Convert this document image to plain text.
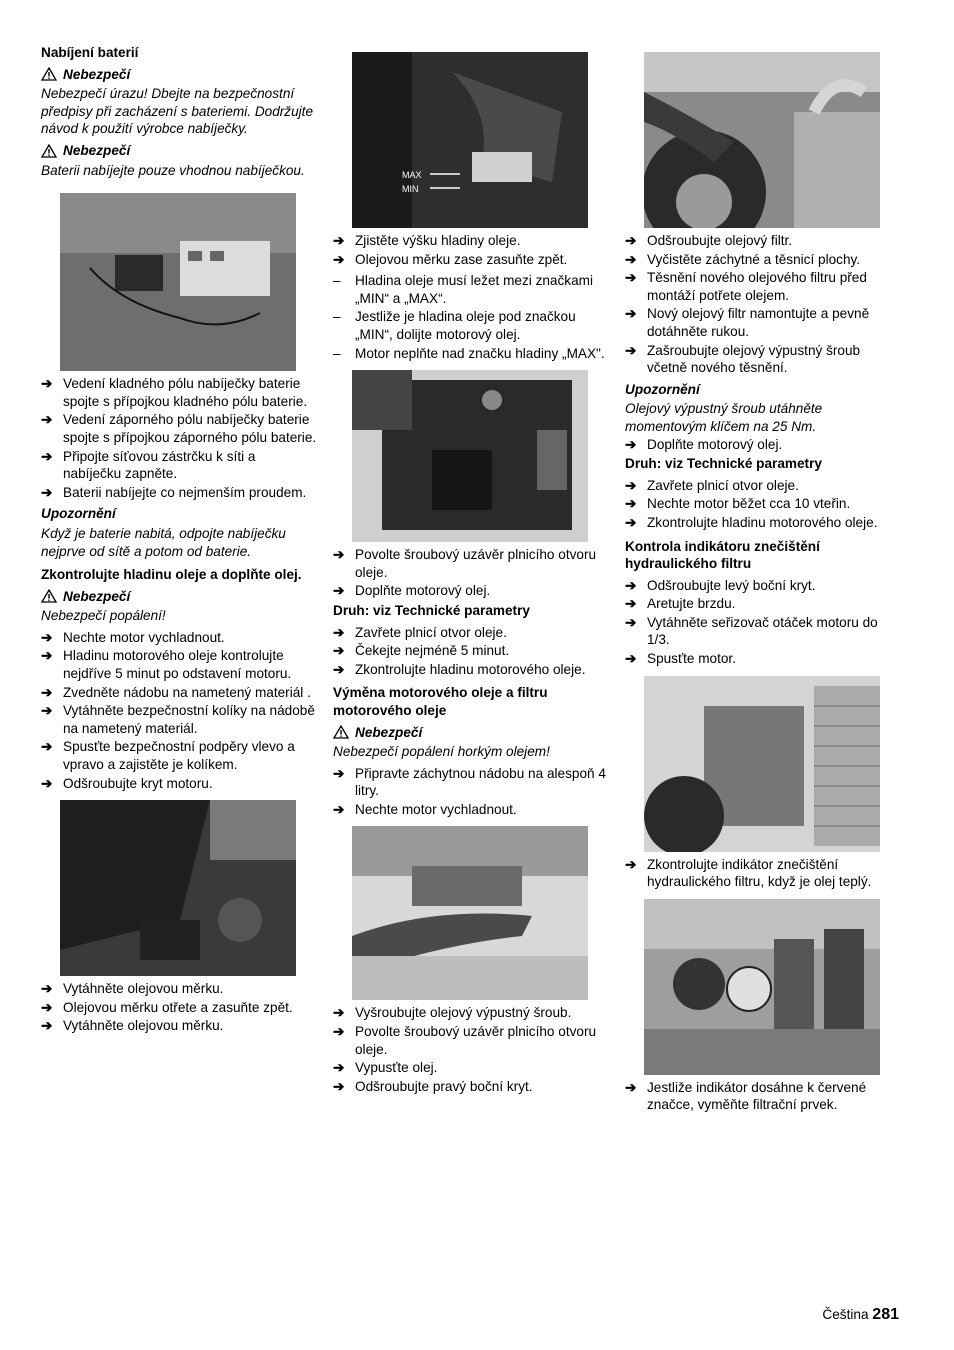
Nabíjení baterií
Nebezpečí
Nebezpečí úrazu! Dbejte na bezpečnostní předpisy při zacházení s bateriemi. Dodržujte návod k použití výrobce nabíječky.
Nebezpečí
Baterii nabíjejte pouze vhodnou nabíječkou.
➔ Vedení kladného pólu nabíječky baterie spojte s přípojkou kladného pólu baterie.
➔ Vedení záporného pólu nabíječky baterie spojte s přípojkou záporného pólu baterie.
➔ Připojte síťovou zástrčku k síti a nabíječku zapněte.
➔ Baterii nabíjejte co nejmenším proudem.
Upozornění
Když je baterie nabitá, odpojte nabíječku nejprve od sítě a potom od baterie.
Zkontrolujte hladinu oleje a doplňte olej.
Nebezpečí
Nebezpečí popálení!
➔ Nechte motor vychladnout.
➔ Hladinu motorového oleje kontrolujte nejdříve 5 minut po odstavení motoru.
➔ Zvedněte nádobu na nametený materiál .
➔ Vytáhněte bezpečnostní kolíky na nádobě na nametený materiál.
➔ Spusťte bezpečnostní podpěry vlevo a vpravo a zajistěte je kolíkem.
➔ Odšroubujte kryt motoru.
➔ Vytáhněte olejovou měrku.
➔ Olejovou měrku otřete a zasuňte zpět.
➔ Vytáhněte olejovou měrku.
MAX
MIN
➔ Zjistěte výšku hladiny oleje.
➔ Olejovou měrku zase zasuňte zpět.
–	Hladina oleje musí ležet mezi značkami „MIN“ a „MAX“.
–	Jestliže je hladina oleje pod značkou „MIN“, dolijte motorový olej.
–	Motor neplňte nad značku hladiny „MAX".
➔ Povolte šroubový uzávěr plnicího otvoru oleje.
➔ Doplňte motorový olej.
Druh: viz Technické parametry
➔ Zavřete plnicí otvor oleje.
➔ Čekejte nejméně 5 minut.
➔ Zkontrolujte hladinu motorového oleje.
Výměna motorového oleje a filtru motorového oleje
Nebezpečí
Nebezpečí popálení horkým olejem!
➔ Připravte záchytnou nádobu na alespoň 4 litry.
➔ Nechte motor vychladnout.
➔ Vyšroubujte olejový výpustný šroub.
➔ Povolte šroubový uzávěr plnicího otvoru oleje.
➔ Vypusťte olej.
➔ Odšroubujte pravý boční kryt.
➔ Odšroubujte olejový filtr.
➔ Vyčistěte záchytné a těsnicí plochy.
➔ Těsnění nového olejového filtru před montáží potřete olejem.
➔ Nový olejový filtr namontujte a pevně dotáhněte rukou.
➔ Zašroubujte olejový výpustný šroub včetně nového těsnění.
Upozornění
Olejový výpustný šroub utáhněte momentovým klíčem na 25 Nm.
➔ Doplňte motorový olej.
Druh: viz Technické parametry
➔ Zavřete plnicí otvor oleje.
➔ Nechte motor běžet cca 10 vteřin.
➔ Zkontrolujte hladinu motorového oleje.
Kontrola indikátoru znečištění hydraulického filtru
➔ Odšroubujte levý boční kryt.
➔ Aretujte brzdu.
➔ Vytáhněte seřizovač otáček motoru do 1/3.
➔ Spusťte motor.
➔ Zkontrolujte indikátor znečištění hydraulického filtru, když je olej teplý.
➔ Jestliže indikátor dosáhne k červené značce, vyměňte filtrační prvek.
Čeština 281
